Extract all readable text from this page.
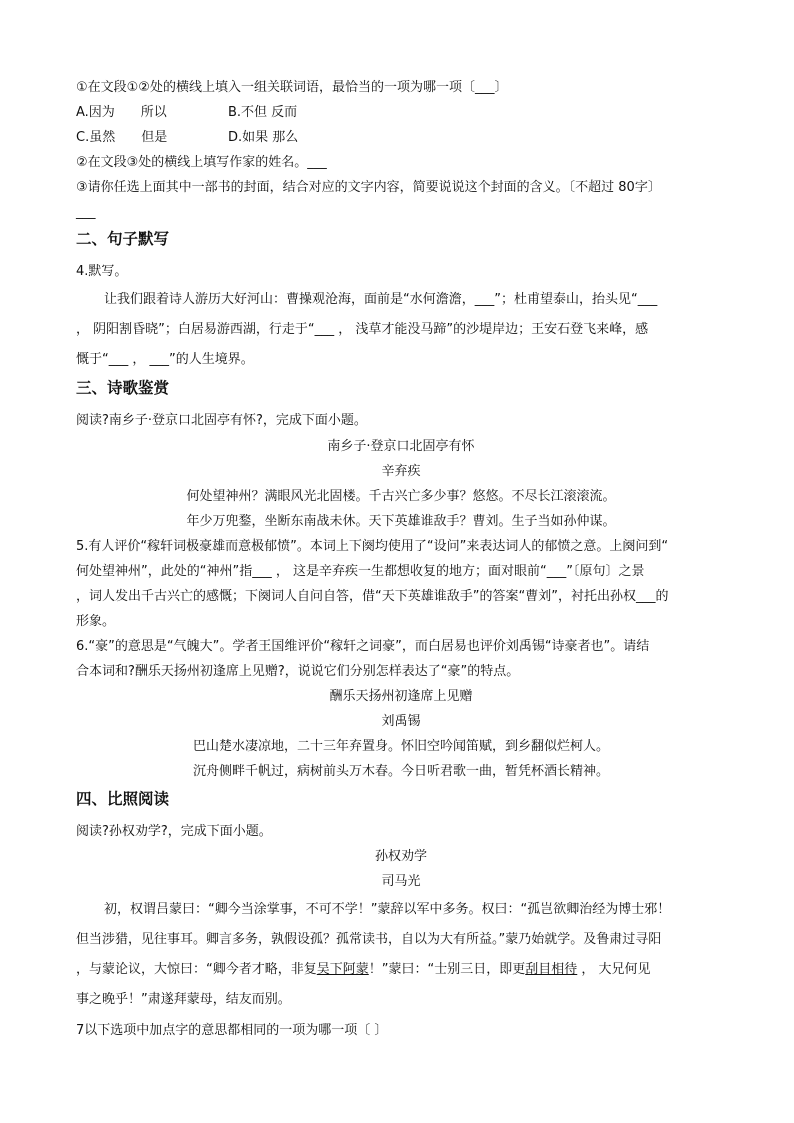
①在文段①②处的横线上填入一组关联词语，最恰当的一项为哪一项〔___〕
A.因为　　所以	B.不但 反而
C.虽然　　但是	D.如果 那么
②在文段③处的横线上填写作家的姓名。___
③请你任选上面其中一部书的封面，结合对应的文字内容，简要说说这个封面的含义。〔不超过 80字〕
___
二、句子默写
4.默写。
让我们跟着诗人游历大好河山：曹操观沧海，面前是“水何澹澹，___”；杜甫望泰山，抬头见“___
， 阴阳割昏晓”；白居易游西湖，行走于“___ ， 浅草才能没马蹄”的沙堤岸边；王安石登飞来峰，感
慨于“___ ， ___”的人生境界。
三、诗歌鉴赏
阅读?南乡子·登京口北固亭有怀?，完成下面小题。
南乡子·登京口北固亭有怀
辛弃疾
何处望神州？满眼风光北固楼。千古兴亡多少事？悠悠。不尽长江滚滚流。
年少万兜鍪，坐断东南战未休。天下英雄谁敌手？曹刘。生子当如孙仲谋。
5.有人评价“稼轩词极豪雄而意极郁愤”。本词上下阕均使用了“设问”来表达词人的郁愤之意。上阕问到“
何处望神州”，此处的“神州”指___ ， 这是辛弃疾一生都想收复的地方；面对眼前“___”〔原句〕之景
，词人发出千古兴亡的感慨；下阕词人自问自答，借“天下英雄谁敌手”的答案“曹刘”，衬托出孙权___的
形象。
6.“豪”的意思是“气魄大”。学者王国维评价“稼轩之词豪”，而白居易也评价刘禹锡“诗豪者也”。请结
合本词和?酬乐天扬州初逢席上见赠?，说说它们分别怎样表达了“豪”的特点。
酬乐天扬州初逢席上见赠
刘禹锡
巴山楚水凄凉地，二十三年弃置身。怀旧空吟闻笛赋，到乡翻似烂柯人。
沉舟侧畔千帆过，病树前头万木春。今日听君歌一曲，暂凭杯酒长精神。
四、比照阅读
阅读?孙权劝学?，完成下面小题。
孙权劝学
司马光
初，权谓吕蒙曰：“卿今当涂掌事，不可不学！”蒙辞以军中多务。权曰：“孤岂欲卿治经为博士邪！
但当涉猎，见往事耳。卿言多务，孰假设孤？孤常读书，自以为大有所益。”蒙乃始就学。及鲁肃过寻阳
，与蒙论议，大惊曰：“卿今者才略，非复吴下阿蒙！”蒙曰：“士别三日，即更刮目相待 ， 大兄何见
事之晚乎！”肃遂拜蒙母，结友而别。
7以下选项中加点字的意思都相同的一项为哪一项〔 〕
